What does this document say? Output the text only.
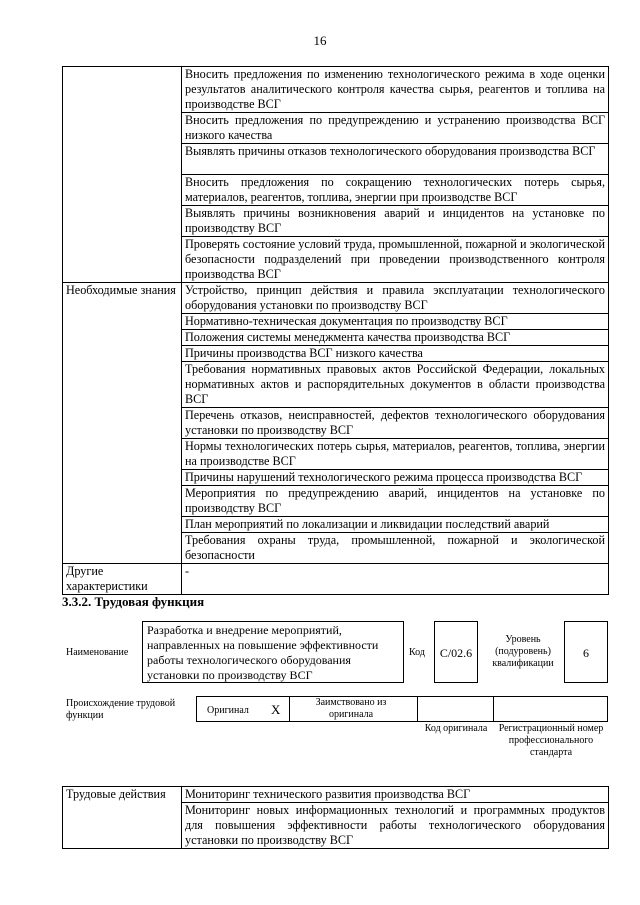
16
	Вносить предложения по изменению технологического режима в ходе оценки результатов аналитического контроля качества сырья, реагентов и топлива на производстве ВСГ
	Вносить предложения по предупреждению и устранению производства ВСГ низкого качества
	Выявлять причины отказов технологического оборудования производства ВСГ
	Вносить предложения по сокращению технологических потерь сырья, материалов, реагентов, топлива, энергии при производстве ВСГ
	Выявлять причины возникновения аварий и инцидентов на установке по производству ВСГ
	Проверять состояние условий труда, промышленной, пожарной и экологической безопасности подразделений при проведении производственного контроля производства ВСГ
Необходимые знания	Устройство, принцип действия и правила эксплуатации технологического оборудования установки по производству ВСГ
	Нормативно-техническая документация по производству ВСГ
	Положения системы менеджмента качества производства ВСГ
	Причины производства ВСГ низкого качества
	Требования нормативных правовых актов Российской Федерации, локальных нормативных актов и распорядительных документов в области производства ВСГ
	Перечень отказов, неисправностей, дефектов технологического оборудования установки по производству ВСГ
	Нормы технологических потерь сырья, материалов, реагентов, топлива, энергии на производстве ВСГ
	Причины нарушений технологического режима процесса производства ВСГ
	Мероприятия по предупреждению аварий, инцидентов на установке по производству ВСГ
	План мероприятий по локализации и ликвидации последствий аварий
	Требования охраны труда, промышленной, пожарной и экологической безопасности
Другие характеристики	-
3.3.2. Трудовая функция
Наименование
Разработка и внедрение мероприятий, направленных на повышение эффективности работы технологического оборудования установки по производству ВСГ
Код	C/02.6
Уровень (подуровень) квалификации
6
Происхождение трудовой функции	Оригинал X	Заимствовано из оригинала
Код оригинала	Регистрационный номер профессионального стандарта
Трудовые действия	Мониторинг технического развития производства ВСГ
Мониторинг новых информационных технологий и программных продуктов для повышения эффективности работы технологического оборудования установки по производству ВСГ
